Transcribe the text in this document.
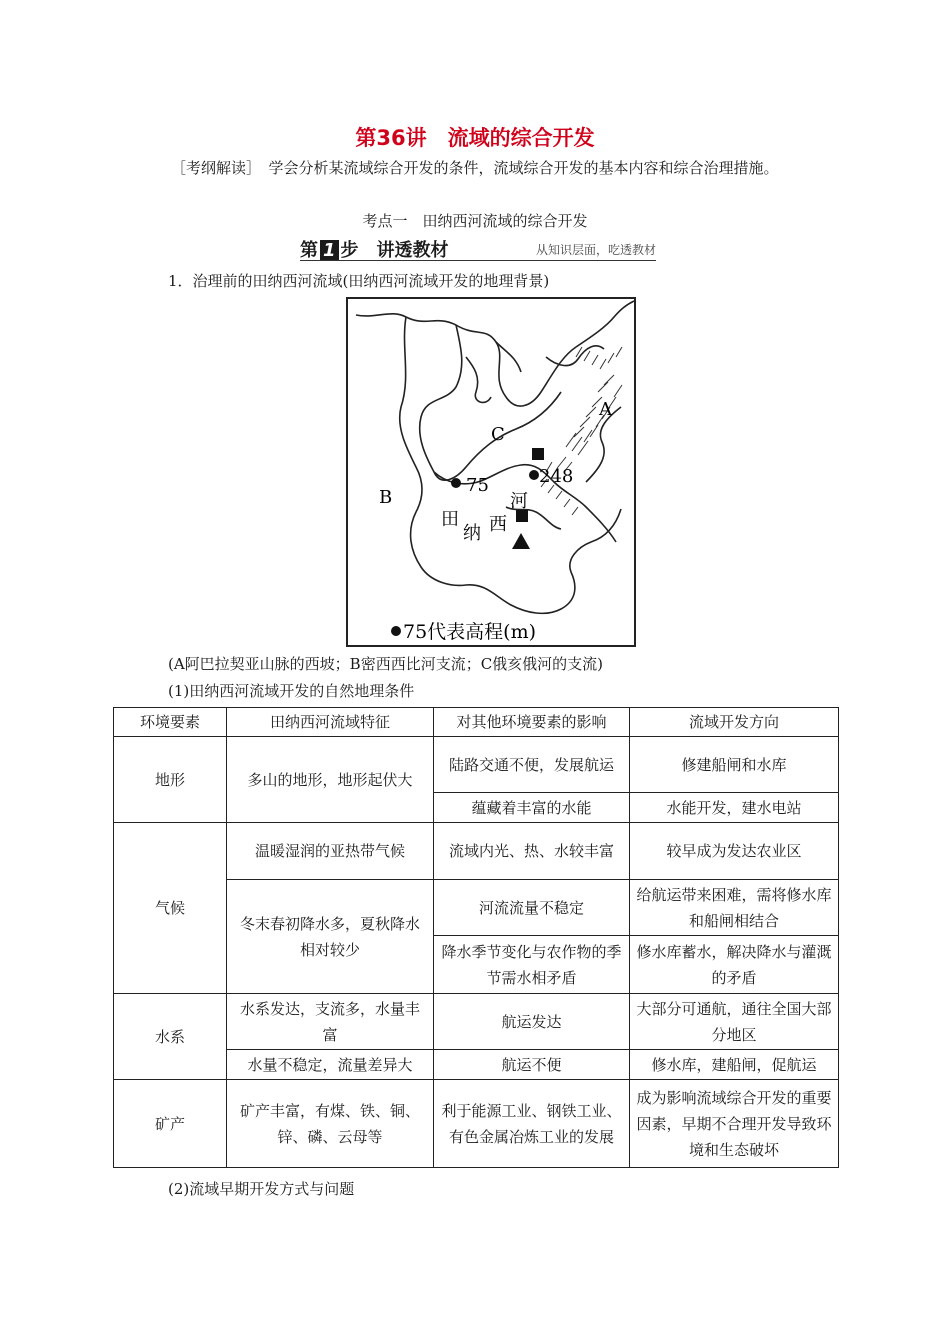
第36讲　流域的综合开发
［考纲解读］　学会分析某流域综合开发的条件，流域综合开发的基本内容和综合治理措施。
考点一　田纳西河流域的综合开发
第 1 步　讲透教材	从知识层面，吃透教材
1．治理前的田纳西河流域(田纳西河流域开发的地理背景)
A
B
C
75	248
河
田
纳 西
75代表高程(m)
(A阿巴拉契亚山脉的西坡；B密西西比河支流；C俄亥俄河的支流)
(1)田纳西河流域开发的自然地理条件
环境要素	田纳西河流域特征	对其他环境要素的影响	流域开发方向
地形	多山的地形，地形起伏大	陆路交通不便，发展航运	修建船闸和水库
		蕴藏着丰富的水能	水能开发，建水电站
气候	温暖湿润的亚热带气候	流域内光、热、水较丰富	较早成为发达农业区
	冬末春初降水多，夏秋降水相对较少	河流流量不稳定	给航运带来困难，需将修水库和船闸相结合
		降水季节变化与农作物的季节需水相矛盾	修水库蓄水，解决降水与灌溉的矛盾
水系	水系发达，支流多，水量丰富	航运发达	大部分可通航，通往全国大部分地区
	水量不稳定，流量差异大	航运不便	修水库，建船闸，促航运
矿产	矿产丰富，有煤、铁、铜、锌、磷、云母等	利于能源工业、钢铁工业、有色金属冶炼工业的发展	成为影响流域综合开发的重要因素，早期不合理开发导致环境和生态破坏
(2)流域早期开发方式与问题
